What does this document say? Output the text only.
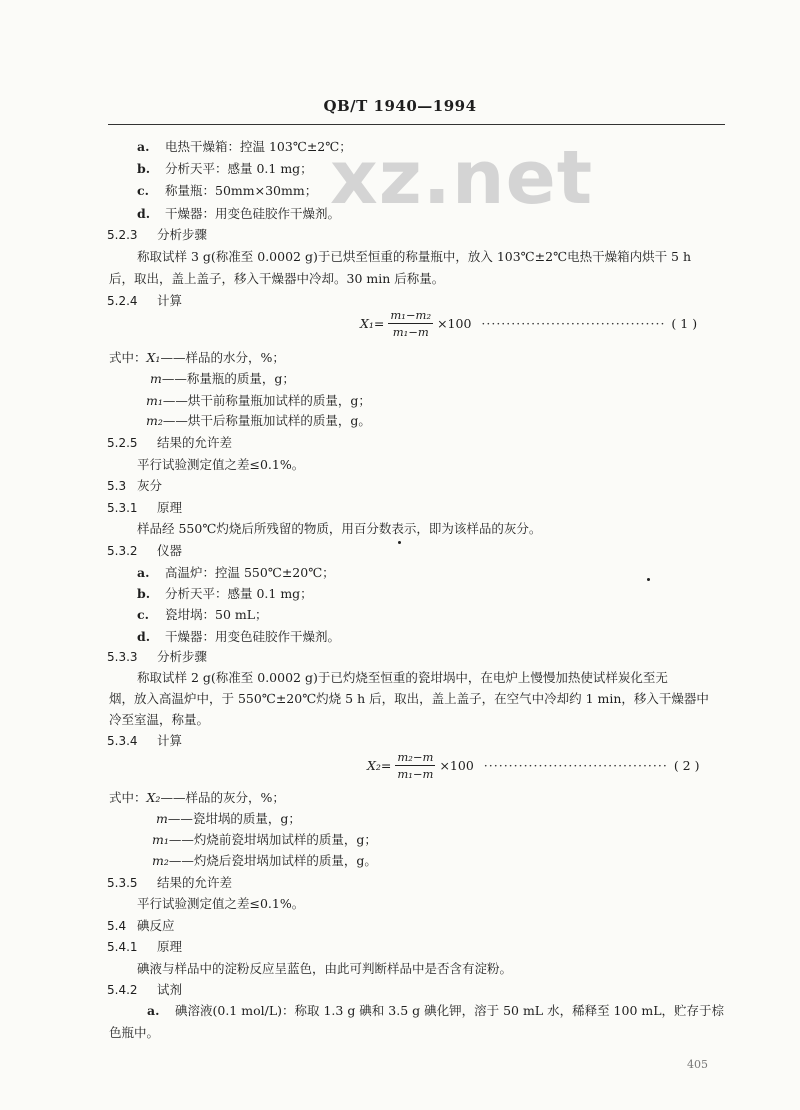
xz.net
QB/T 1940—1994
a. 电热干燥箱：控温 103℃±2℃；
b. 分析天平：感量 0.1 mg；
c. 称量瓶：50mm×30mm；
d. 干燥器：用变色硅胶作干燥剂。
5.2.3 分析步骤
称取试样 3 g(称准至 0.0002 g)于已烘至恒重的称量瓶中，放入 103℃±2℃电热干燥箱内烘干 5 h
后，取出，盖上盖子，移入干燥器中冷却。30 min 后称量。
5.2.4 计算
$X_1= \frac{\text{m₁−m₂}}{\text{m₁−m}} \times 100$ ····································· ( 1 )
式中：X₁——样品的水分，%；
m——称量瓶的质量，g；
m₁——烘干前称量瓶加试样的质量，g；
m₂——烘干后称量瓶加试样的质量，g。
5.2.5 结果的允许差
平行试验测定值之差≤0.1%。
5.3 灰分
5.3.1 原理
样品经 550℃灼烧后所残留的物质，用百分数表示，即为该样品的灰分。
5.3.2 仪器
a. 高温炉：控温 550℃±20℃；
b. 分析天平：感量 0.1 mg；
c. 瓷坩埚：50 mL；
d. 干燥器：用变色硅胶作干燥剂。
5.3.3 分析步骤
称取试样 2 g(称准至 0.0002 g)于已灼烧至恒重的瓷坩埚中，在电炉上慢慢加热使试样炭化至无
烟，放入高温炉中，于 550℃±20℃灼烧 5 h 后，取出，盖上盖子，在空气中冷却约 1 min，移入干燥器中
冷至室温，称量。
5.3.4 计算
$X_2= \frac{\text{m₂−m}}{\text{m₁−m}} \times 100$ ····································· ( 2 )
式中：X₂——样品的灰分，%；
m——瓷坩埚的质量，g；
m₁——灼烧前瓷坩埚加试样的质量，g；
m₂——灼烧后瓷坩埚加试样的质量，g。
5.3.5 结果的允许差
平行试验测定值之差≤0.1%。
5.4 碘反应
5.4.1 原理
碘液与样品中的淀粉反应呈蓝色，由此可判断样品中是否含有淀粉。
5.4.2 试剂
a. 碘溶液(0.1 mol/L)：称取 1.3 g 碘和 3.5 g 碘化钾，溶于 50 mL 水，稀释至 100 mL，贮存于棕
色瓶中。
405
